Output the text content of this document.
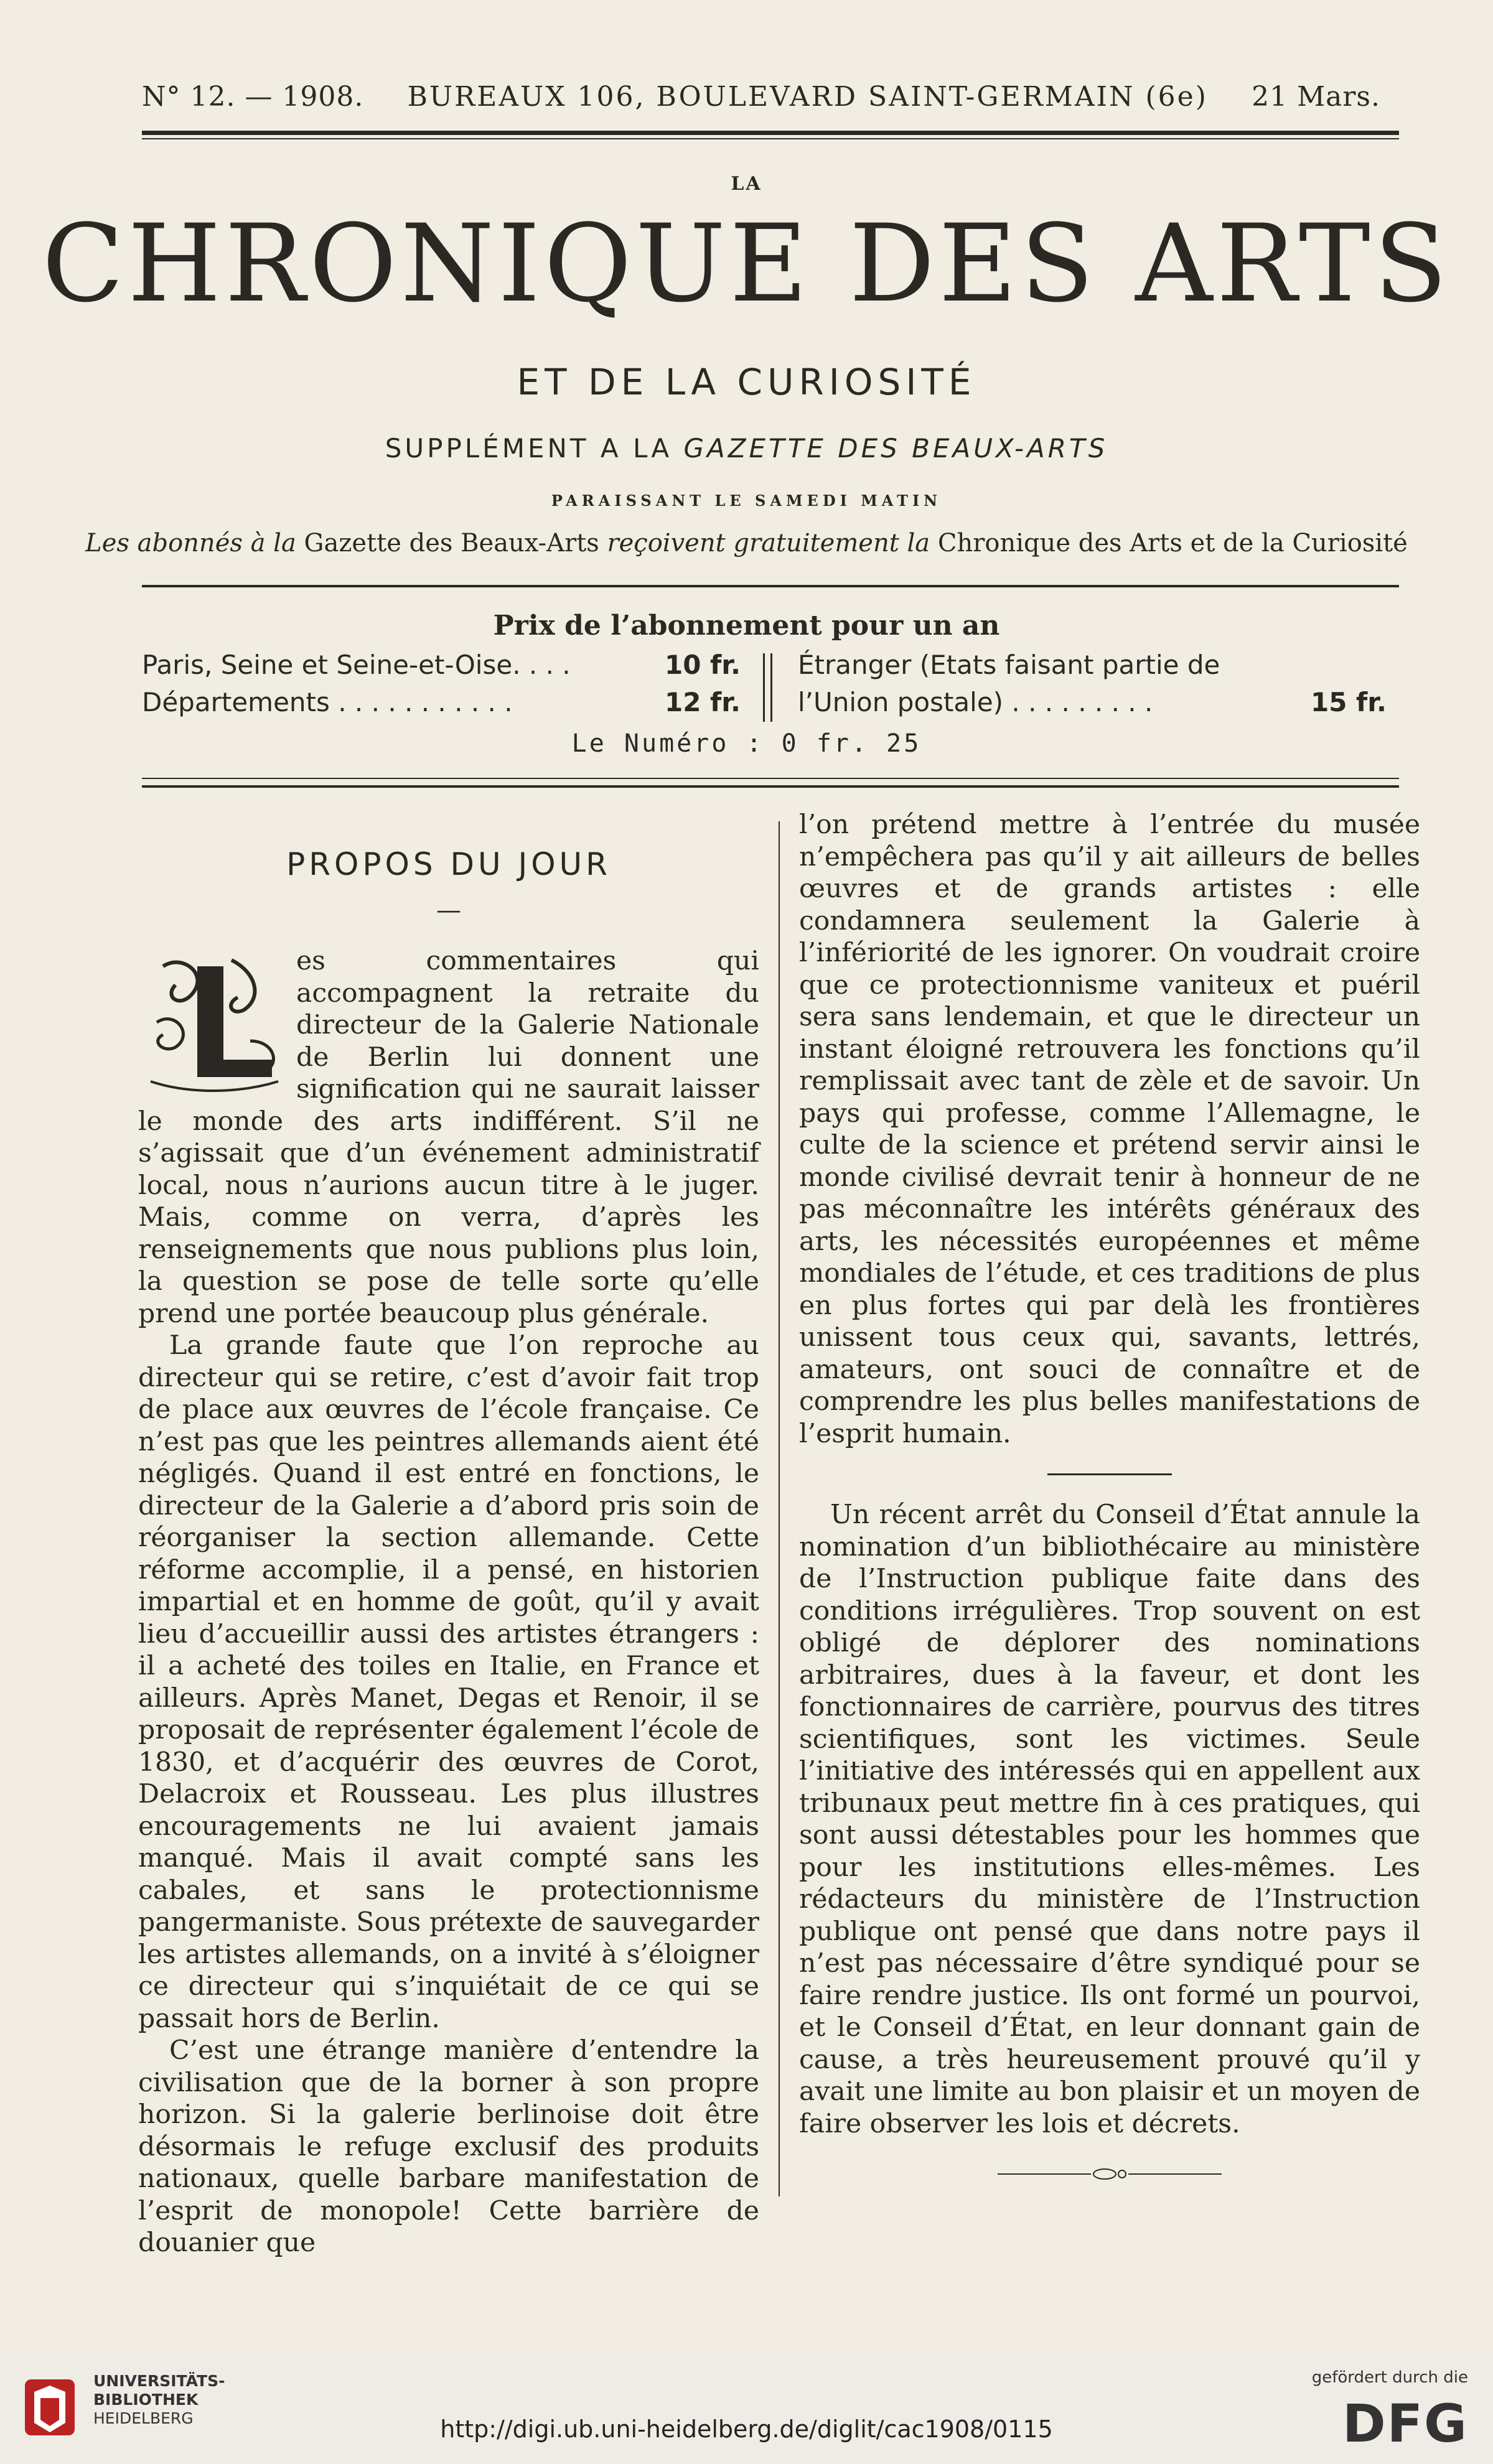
N° 12. — 1908. BUREAUX 106, BOULEVARD SAINT-GERMAIN (6e) 21 Mars.
LA
CHRONIQUE DES ARTS
ET DE LA CURIOSITÉ
SUPPLÉMENT A LA GAZETTE DES BEAUX-ARTS
PARAISSANT LE SAMEDI MATIN
Les abonnés à la Gazette des Beaux-Arts reçoivent gratuitement la Chronique des Arts et de la Curiosité
Prix de l’abonnement pour un an
Paris, Seine et Seine-et-Oise. . . .	10 fr.
Départements . . . . . . . . . . .	12 fr.
Étranger (Etats faisant partie de
l’Union postale) . . . . . . . . .	15 fr.
Le Numéro : 0 fr. 25
PROPOS DU JOUR
—

es commentaires qui accompagnent la retraite du directeur de la Galerie Nationale de Berlin lui donnent une signification qui ne saurait laisser le monde des arts indifférent. S’il ne s’agissait que d’un événement administratif local, nous n’aurions aucun titre à le juger. Mais, comme on verra, d’après les renseignements que nous publions plus loin, la question se pose de telle sorte qu’elle prend une portée beaucoup plus générale.

La grande faute que l’on reproche au directeur qui se retire, c’est d’avoir fait trop de place aux œuvres de l’école française. Ce n’est pas que les peintres allemands aient été négligés. Quand il est entré en fonctions, le directeur de la Galerie a d’abord pris soin de réorganiser la section allemande. Cette réforme accomplie, il a pensé, en historien impartial et en homme de goût, qu’il y avait lieu d’accueillir aussi des artistes étrangers : il a acheté des toiles en Italie, en France et ailleurs. Après Manet, Degas et Renoir, il se proposait de représenter également l’école de 1830, et d’acquérir des œuvres de Corot, Delacroix et Rousseau. Les plus illustres encouragements ne lui avaient jamais manqué. Mais il avait compté sans les cabales, et sans le protectionnisme pangermaniste. Sous prétexte de sauvegarder les artistes allemands, on a invité à s’éloigner ce directeur qui s’inquiétait de ce qui se passait hors de Berlin.

C’est une étrange manière d’entendre la civilisation que de la borner à son propre horizon. Si la galerie berlinoise doit être désormais le refuge exclusif des produits nationaux, quelle barbare manifestation de l’esprit de monopole! Cette barrière de douanier que

l’on prétend mettre à l’entrée du musée n’empêchera pas qu’il y ait ailleurs de belles œuvres et de grands artistes : elle condamnera seulement la Galerie à l’infériorité de les ignorer. On voudrait croire que ce protectionnisme vaniteux et puéril sera sans lendemain, et que le directeur un instant éloigné retrouvera les fonctions qu’il remplissait avec tant de zèle et de savoir. Un pays qui professe, comme l’Allemagne, le culte de la science et prétend servir ainsi le monde civilisé devrait tenir à honneur de ne pas méconnaître les intérêts généraux des arts, les nécessités européennes et même mondiales de l’étude, et ces traditions de plus en plus fortes qui par delà les frontières unissent tous ceux qui, savants, lettrés, amateurs, ont souci de connaître et de comprendre les plus belles manifestations de l’esprit humain.

Un récent arrêt du Conseil d’État annule la nomination d’un bibliothécaire au ministère de l’Instruction publique faite dans des conditions irrégulières. Trop souvent on est obligé de déplorer des nominations arbitraires, dues à la faveur, et dont les fonctionnaires de carrière, pourvus des titres scientifiques, sont les victimes. Seule l’initiative des intéressés qui en appellent aux tribunaux peut mettre fin à ces pratiques, qui sont aussi détestables pour les hommes que pour les institutions elles-mêmes. Les rédacteurs du ministère de l’Instruction publique ont pensé que dans notre pays il n’est pas nécessaire d’être syndiqué pour se faire rendre justice. Ils ont formé un pourvoi, et le Conseil d’État, en leur donnant gain de cause, a très heureusement prouvé qu’il y avait une limite au bon plaisir et un moyen de faire observer les lois et décrets.

UNIVERSITÄTS-
BIBLIOTHEK
HEIDELBERG	http://digi.ub.uni-heidelberg.de/diglit/cac1908/0115
gefördert durch die
DFG
